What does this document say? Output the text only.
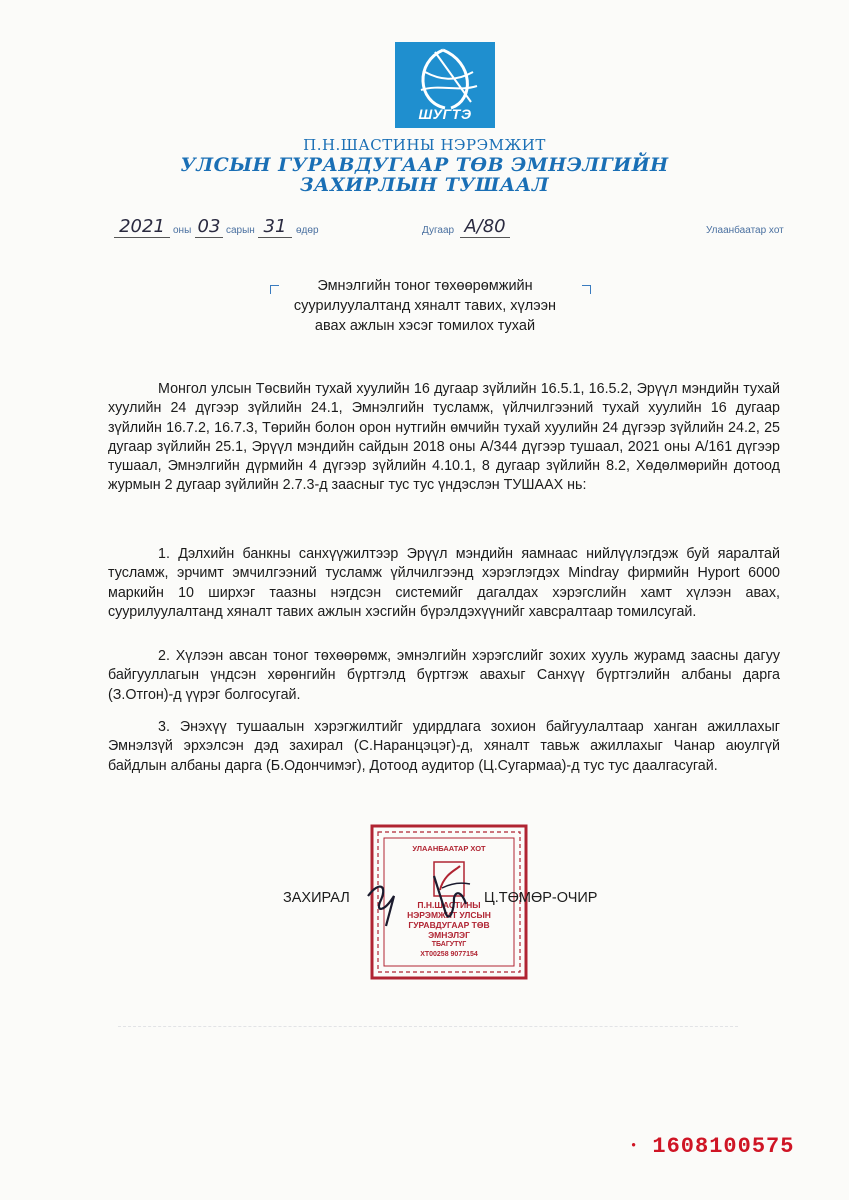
ШУГТЭ
П.Н.ШАСТИНЫ НЭРЭМЖИТ
УЛСЫН ГУРАВДУГААР ТӨВ ЭМНЭЛГИЙН
ЗАХИРЛЫН ТУШААЛ
2021 оны 03 сарын 31 өдөр	Дугаар А/80	Улаанбаатар хот
Эмнэлгийн тоног төхөөрөмжийн
суурилуулалтанд хяналт тавих, хүлээн
авах ажлын хэсэг томилох тухай
Монгол улсын Төсвийн тухай хуулийн 16 дугаар зүйлийн 16.5.1, 16.5.2, Эрүүл мэндийн тухай хуулийн 24 дүгээр зүйлийн 24.1, Эмнэлгийн тусламж, үйлчилгээний тухай хуулийн 16 дугаар зүйлийн 16.7.2, 16.7.3, Төрийн болон орон нутгийн өмчийн тухай хуулийн 24 дүгээр зүйлийн 24.2, 25 дугаар зүйлийн 25.1, Эрүүл мэндийн сайдын 2018 оны А/344 дүгээр тушаал, 2021 оны А/161 дүгээр тушаал, Эмнэлгийн дүрмийн 4 дүгээр зүйлийн 4.10.1, 8 дугаар зүйлийн 8.2, Хөдөлмөрийн дотоод журмын 2 дугаар зүйлийн 2.7.3-д заасныг тус тус үндэслэн ТУШААХ нь:
1. Дэлхийн банкны санхүүжилтээр Эрүүл мэндийн яамнаас нийлүүлэгдэж буй яаралтай тусламж, эрчимт эмчилгээний тусламж үйлчилгээнд хэрэглэгдэх Mindray фирмийн Hyport 6000 маркийн 10 ширхэг таазны нэгдсэн системийг дагалдах хэрэгслийн хамт хүлээн авах, суурилуулалтанд хяналт тавих ажлын хэсгийн бүрэлдэхүүнийг хавсралтаар томилсугай.
2. Хүлээн авсан тоног төхөөрөмж, эмнэлгийн хэрэгслийг зохих хууль журамд заасны дагуу байгууллагын үндсэн хөрөнгийн бүртгэлд бүртгэж авахыг Санхүү бүртгэлийн албаны дарга (З.Отгон)-д үүрэг болгосугай.
3. Энэхүү тушаалын хэрэгжилтийг удирдлага зохион байгуулалтаар ханган ажиллахыг Эмнэлзүй эрхэлсэн дэд захирал (С.Наранцэцэг)-д, хяналт тавьж ажиллахыг Чанар аюулгүй байдлын албаны дарга (Б.Одончимэг), Дотоод аудитор (Ц.Сугармаа)-д тус тус даалгасугай.
УЛААНБААТАР ХОТ
П.Н.ШАСТИНЫ
НЭРЭМЖИТ УЛСЫН
ГУРАВДУГААР ТӨВ
ЭМНЭЛЭГ
ТБАГУТҮГ
ХТ00258 9077154
ЗАХИРАЛ	Ц.ТӨМӨР-ОЧИР
• 1608100575
